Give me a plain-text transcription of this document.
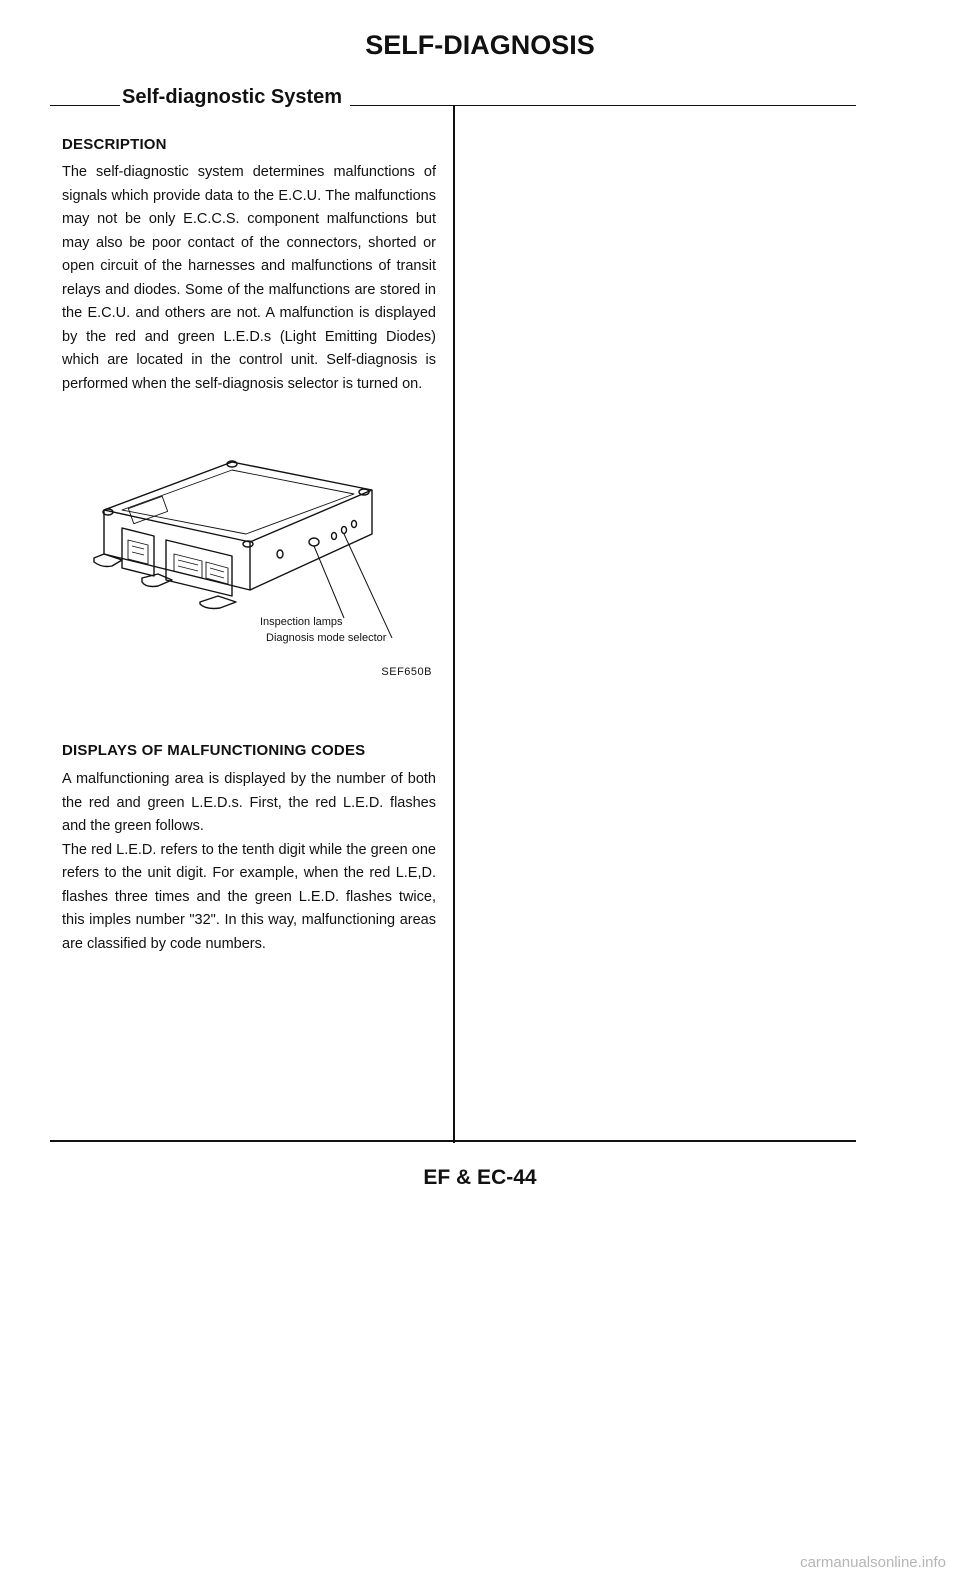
SELF-DIAGNOSIS
Self-diagnostic System

DESCRIPTION

The self-diagnostic system determines malfunctions of signals which provide data to the E.C.U. The malfunctions may not be only E.C.C.S. component malfunctions but may also be poor contact of the connectors, shorted or open circuit of the harnesses and malfunctions of transit relays and diodes. Some of the malfunctions are stored in the E.C.U. and others are not. A malfunction is displayed by the red and green L.E.D.s (Light Emitting Diodes) which are located in the control unit. Self-diagnosis is performed when the self-diagnosis selector is turned on.

Inspection lamps
Diagnosis mode selector
SEF650B

DISPLAYS OF MALFUNCTIONING CODES

A malfunctioning area is displayed by the number of both the red and green L.E.D.s. First, the red L.E.D. flashes and the green follows.

The red L.E.D. refers to the tenth digit while the green one refers to the unit digit. For example, when the red L.E,D. flashes three times and the green L.E.D. flashes twice, this imples number "32". In this way, malfunctioning areas are classified by code numbers.

EF & EC-44
carmanualsonline.info
